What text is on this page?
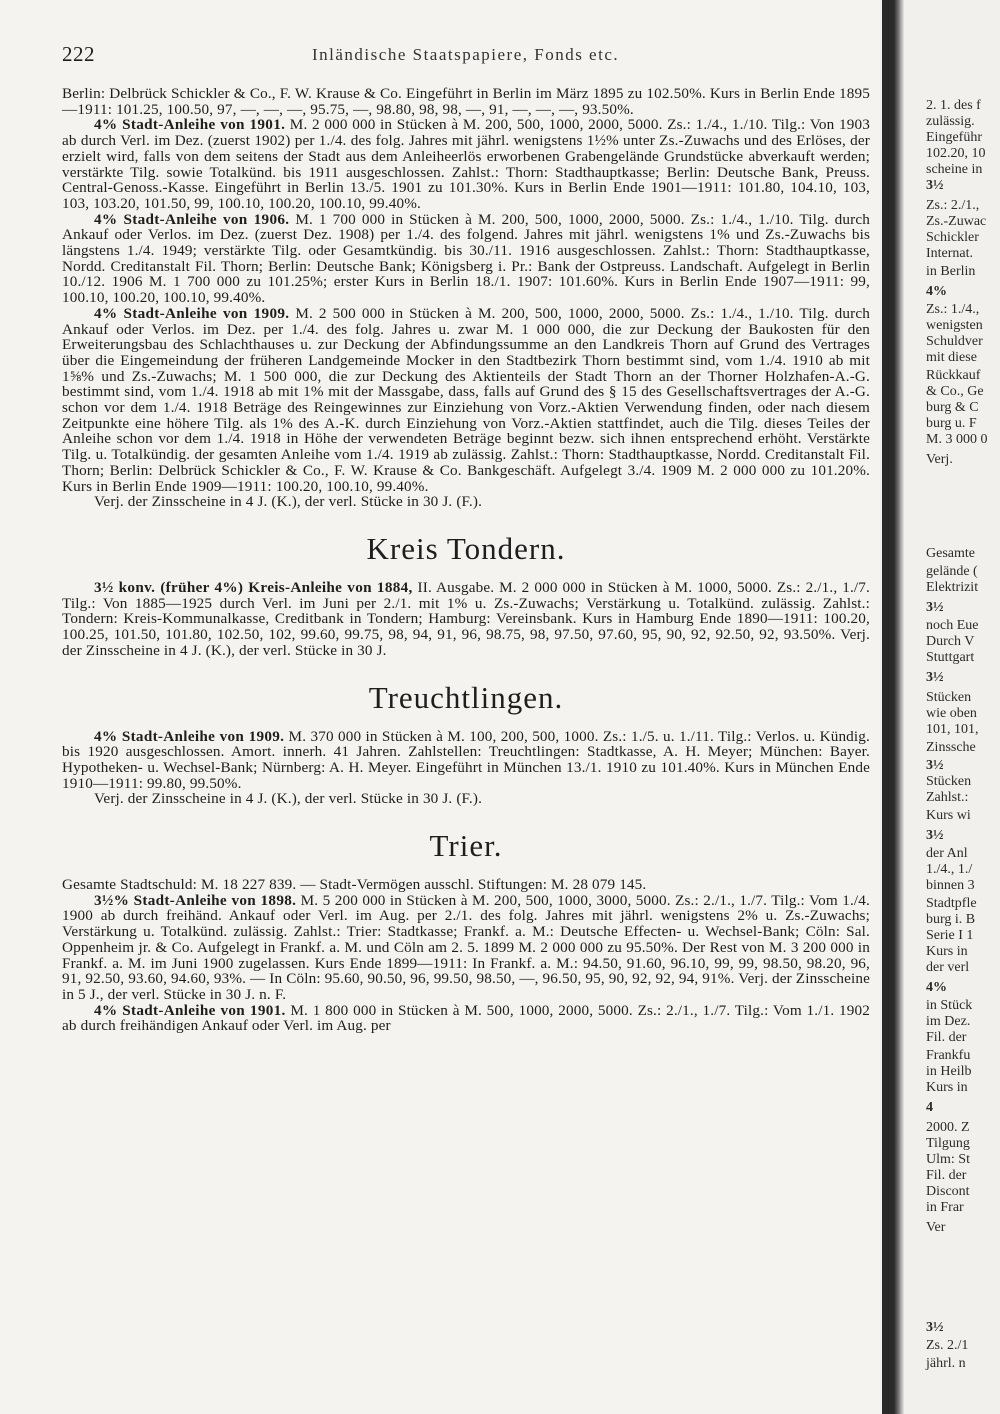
222	Inländische Staatspapiere, Fonds etc.

Berlin: Delbrück Schickler & Co., F. W. Krause & Co. Eingeführt in Berlin im März 1895 zu 102.50%. Kurs in Berlin Ende 1895—1911: 101.25, 100.50, 97, —, —, —, 95.75, —, 98.80, 98, 98, —, 91, —, —, —, 93.50%.

4% Stadt-Anleihe von 1901. M. 2 000 000 in Stücken à M. 200, 500, 1000, 2000, 5000. Zs.: 1./4., 1./10. Tilg.: Von 1903 ab durch Verl. im Dez. (zuerst 1902) per 1./4. des folg. Jahres mit jährl. wenigstens 1½% unter Zs.-Zuwachs und des Erlöses, der erzielt wird, falls von dem seitens der Stadt aus dem Anleiheerlös erworbenen Grabengelände Grundstücke abverkauft werden; verstärkte Tilg. sowie Totalkünd. bis 1911 ausgeschlossen. Zahlst.: Thorn: Stadthauptkasse; Berlin: Deutsche Bank, Preuss. Central-Genoss.-Kasse. Eingeführt in Berlin 13./5. 1901 zu 101.30%. Kurs in Berlin Ende 1901—1911: 101.80, 104.10, 103, 103, 103.20, 101.50, 99, 100.10, 100.20, 100.10, 99.40%.

4% Stadt-Anleihe von 1906. M. 1 700 000 in Stücken à M. 200, 500, 1000, 2000, 5000. Zs.: 1./4., 1./10. Tilg. durch Ankauf oder Verlos. im Dez. (zuerst Dez. 1908) per 1./4. des folgend. Jahres mit jährl. wenigstens 1% und Zs.-Zuwachs bis längstens 1./4. 1949; verstärkte Tilg. oder Gesamtkündig. bis 30./11. 1916 ausgeschlossen. Zahlst.: Thorn: Stadthauptkasse, Nordd. Creditanstalt Fil. Thorn; Berlin: Deutsche Bank; Königsberg i. Pr.: Bank der Ostpreuss. Landschaft. Aufgelegt in Berlin 10./12. 1906 M. 1 700 000 zu 101.25%; erster Kurs in Berlin 18./1. 1907: 101.60%. Kurs in Berlin Ende 1907—1911: 99, 100.10, 100.20, 100.10, 99.40%.

4% Stadt-Anleihe von 1909. M. 2 500 000 in Stücken à M. 200, 500, 1000, 2000, 5000. Zs.: 1./4., 1./10. Tilg. durch Ankauf oder Verlos. im Dez. per 1./4. des folg. Jahres u. zwar M. 1 000 000, die zur Deckung der Baukosten für den Erweiterungsbau des Schlachthauses u. zur Deckung der Abfindungssumme an den Landkreis Thorn auf Grund des Vertrages über die Eingemeindung der früheren Landgemeinde Mocker in den Stadtbezirk Thorn bestimmt sind, vom 1./4. 1910 ab mit 1⅝% und Zs.-Zuwachs; M. 1 500 000, die zur Deckung des Aktienteils der Stadt Thorn an der Thorner Holzhafen-A.-G. bestimmt sind, vom 1./4. 1918 ab mit 1% mit der Massgabe, dass, falls auf Grund des § 15 des Gesellschaftsvertrages der A.-G. schon vor dem 1./4. 1918 Beträge des Reingewinnes zur Einziehung von Vorz.-Aktien Verwendung finden, oder nach diesem Zeitpunkte eine höhere Tilg. als 1% des A.-K. durch Einziehung von Vorz.-Aktien stattfindet, auch die Tilg. dieses Teiles der Anleihe schon vor dem 1./4. 1918 in Höhe der verwendeten Beträge beginnt bezw. sich ihnen entsprechend erhöht. Verstärkte Tilg. u. Totalkündig. der gesamten Anleihe vom 1./4. 1919 ab zulässig. Zahlst.: Thorn: Stadthauptkasse, Nordd. Creditanstalt Fil. Thorn; Berlin: Delbrück Schickler & Co., F. W. Krause & Co. Bankgeschäft. Aufgelegt 3./4. 1909 M. 2 000 000 zu 101.20%. Kurs in Berlin Ende 1909—1911: 100.20, 100.10, 99.40%.

Verj. der Zinsscheine in 4 J. (K.), der verl. Stücke in 30 J. (F.).

Kreis Tondern.

3½ konv. (früher 4%) Kreis-Anleihe von 1884, II. Ausgabe. M. 2 000 000 in Stücken à M. 1000, 5000. Zs.: 2./1., 1./7. Tilg.: Von 1885—1925 durch Verl. im Juni per 2./1. mit 1% u. Zs.-Zuwachs; Verstärkung u. Totalkünd. zulässig. Zahlst.: Tondern: Kreis-Kommunalkasse, Creditbank in Tondern; Hamburg: Vereinsbank. Kurs in Hamburg Ende 1890—1911: 100.20, 100.25, 101.50, 101.80, 102.50, 102, 99.60, 99.75, 98, 94, 91, 96, 98.75, 98, 97.50, 97.60, 95, 90, 92, 92.50, 92, 93.50%. Verj. der Zinsscheine in 4 J. (K.), der verl. Stücke in 30 J.

Treuchtlingen.

4% Stadt-Anleihe von 1909. M. 370 000 in Stücken à M. 100, 200, 500, 1000. Zs.: 1./5. u. 1./11. Tilg.: Verlos. u. Kündig. bis 1920 ausgeschlossen. Amort. innerh. 41 Jahren. Zahlstellen: Treuchtlingen: Stadtkasse, A. H. Meyer; München: Bayer. Hypotheken- u. Wechsel-Bank; Nürnberg: A. H. Meyer. Eingeführt in München 13./1. 1910 zu 101.40%. Kurs in München Ende 1910—1911: 99.80, 99.50%.

Verj. der Zinsscheine in 4 J. (K.), der verl. Stücke in 30 J. (F.).

Trier.

Gesamte Stadtschuld: M. 18 227 839. — Stadt-Vermögen ausschl. Stiftungen: M. 28 079 145.

3½% Stadt-Anleihe von 1898. M. 5 200 000 in Stücken à M. 200, 500, 1000, 3000, 5000. Zs.: 2./1., 1./7. Tilg.: Vom 1./4. 1900 ab durch freihänd. Ankauf oder Verl. im Aug. per 2./1. des folg. Jahres mit jährl. wenigstens 2% u. Zs.-Zuwachs; Verstärkung u. Totalkünd. zulässig. Zahlst.: Trier: Stadtkasse; Frankf. a. M.: Deutsche Effecten- u. Wechsel-Bank; Cöln: Sal. Oppenheim jr. & Co. Aufgelegt in Frankf. a. M. und Cöln am 2. 5. 1899 M. 2 000 000 zu 95.50%. Der Rest von M. 3 200 000 in Frankf. a. M. im Juni 1900 zugelassen. Kurs Ende 1899—1911: In Frankf. a. M.: 94.50, 91.60, 96.10, 99, 99, 98.50, 98.20, 96, 91, 92.50, 93.60, 94.60, 93%. — In Cöln: 95.60, 90.50, 96, 99.50, 98.50, —, 96.50, 95, 90, 92, 92, 94, 91%. Verj. der Zinsscheine in 5 J., der verl. Stücke in 30 J. n. F.

4% Stadt-Anleihe von 1901. M. 1 800 000 in Stücken à M. 500, 1000, 2000, 5000. Zs.: 2./1., 1./7. Tilg.: Vom 1./1. 1902 ab durch freihändigen Ankauf oder Verl. im Aug. per

2. 1. des f
zulässig.
Eingeführ
102.20, 10
scheine in
3½
Zs.: 2./1.,
Zs.-Zuwac
Schickler
Internat.
in Berlin
4%
Zs.: 1./4.,
wenigsten
Schuldver
mit diese
Rückkauf
& Co., Ge
burg & C
burg u. F
M. 3 000 0
Verj.
Gesamte
gelände (
Elektrizit
3½
noch Eue
Durch V
Stuttgart
3½
Stücken
wie oben
101, 101,
Zinssche
3½
Stücken
Zahlst.:
Kurs wi
3½
der Anl
1./4., 1./
binnen 3
Stadtpfle
burg i. B
Serie I 1
Kurs in
der verl
4%
in Stück
im Dez.
Fil. der
Frankfu
in Heilb
Kurs in
4
2000. Z
Tilgung
Ulm: St
Fil. der
Discont
in Frar
Ver
3½
Zs. 2./1
jährl. n
